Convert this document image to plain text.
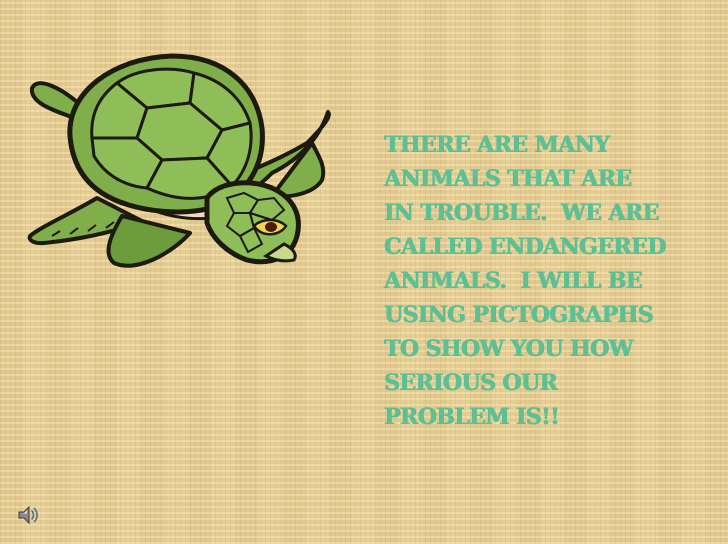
THERE ARE MANY
ANIMALS THAT ARE
IN TROUBLE.  WE ARE
CALLED ENDANGERED
ANIMALS.  I WILL BE
USING PICTOGRAPHS
TO SHOW YOU HOW
SERIOUS OUR
PROBLEM IS!!
